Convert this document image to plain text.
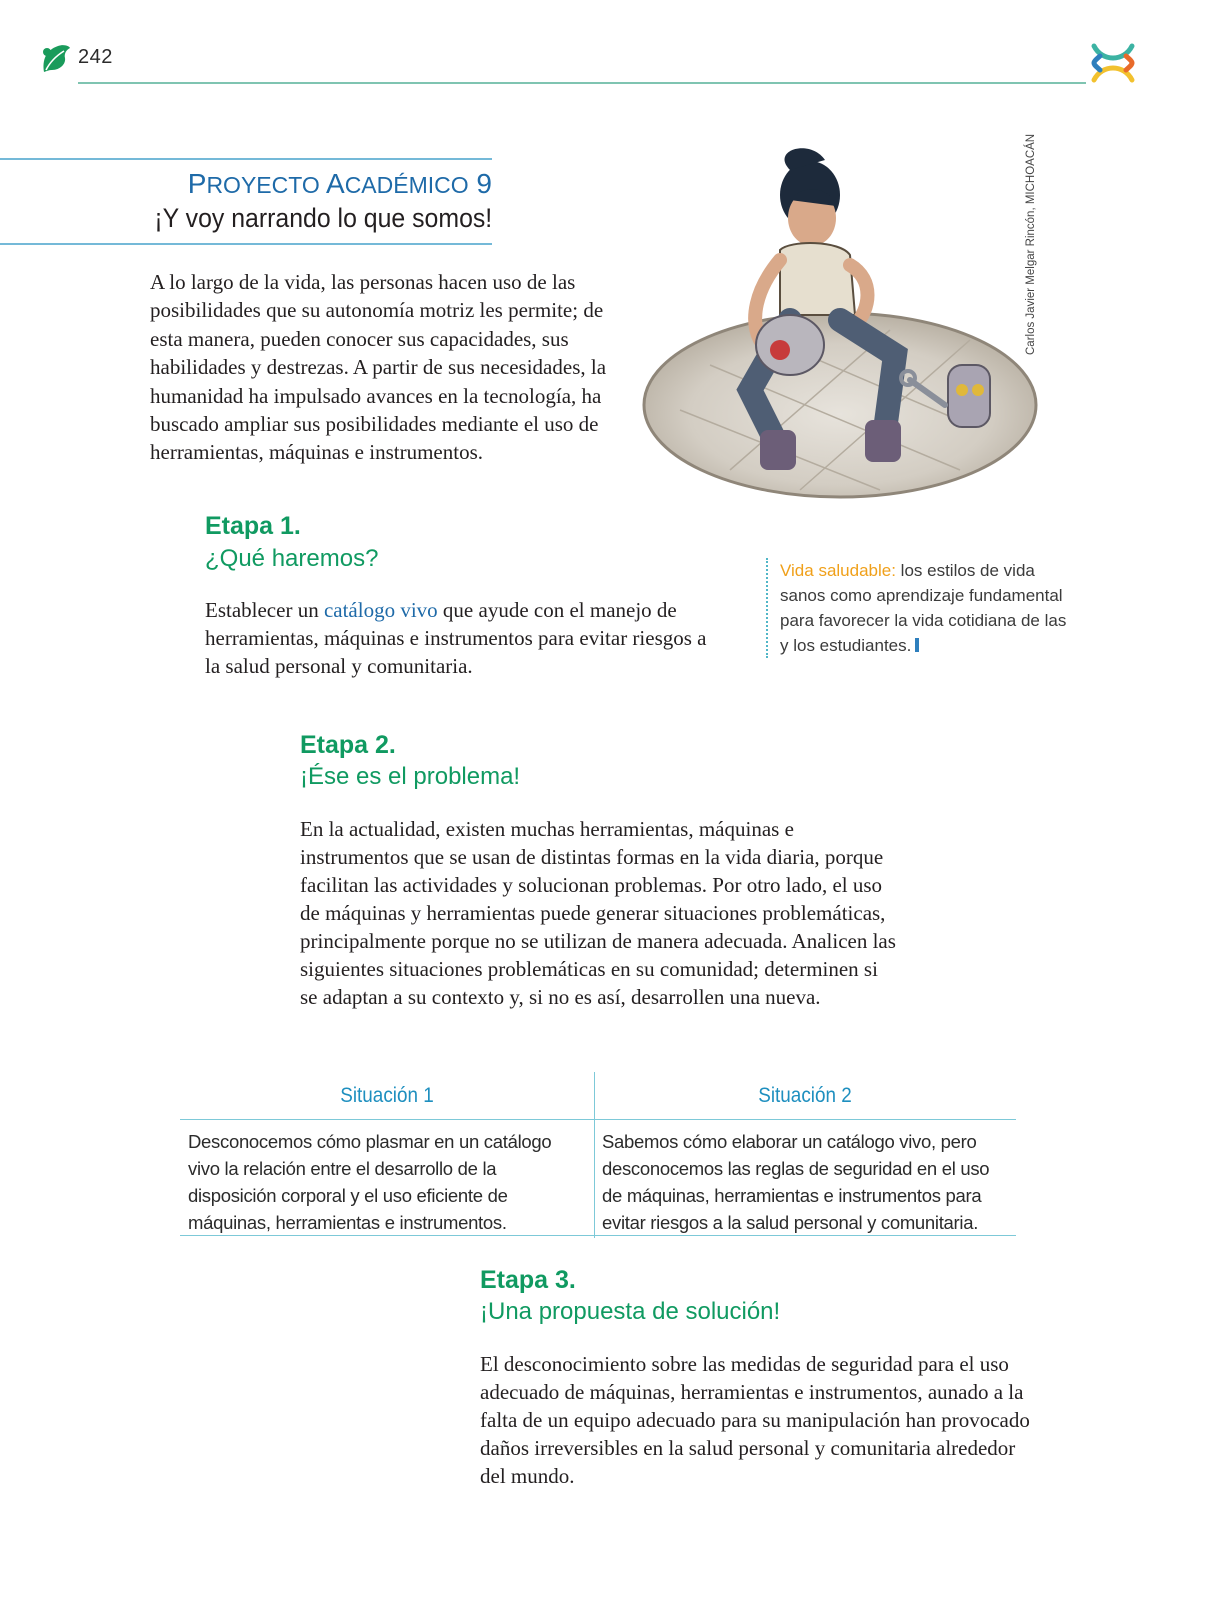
242
PROYECTO ACADÉMICO 9
¡Y voy narrando lo que somos!
A lo largo de la vida, las personas hacen uso de las posibilidades que su autonomía motriz les permite; de esta manera, pueden conocer sus capacidades, sus habilidades y destrezas. A partir de sus necesidades, la humanidad ha impulsado avances en la tecnología, ha buscado ampliar sus posibilidades mediante el uso de herramientas, máquinas e instrumentos.
Carlos Javier Melgar Rincón, MICHOACÁN
Etapa 1.
¿Qué haremos?
Establecer un catálogo vivo que ayude con el manejo de herramientas, máquinas e instrumentos para evitar riesgos a la salud personal y comunitaria.
Vida saludable: los estilos de vida sanos como aprendizaje fundamental para favorecer la vida cotidiana de las y los estudiantes.
Etapa 2.
¡Ése es el problema!
En la actualidad, existen muchas herramientas, máquinas e instrumentos que se usan de distintas formas en la vida diaria, porque facilitan las actividades y solucionan problemas. Por otro lado, el uso de máquinas y herramientas puede generar situaciones problemáticas, principalmente porque no se utilizan de manera adecuada. Analicen las siguientes situaciones problemáticas en su comunidad; determinen si se adaptan a su contexto y, si no es así, desarrollen una nueva.
Situación 1	Situación 2
Desconocemos cómo plasmar en un catálogo vivo la relación entre el desarrollo de la disposición corporal y el uso eficiente de máquinas, herramientas e instrumentos.
Sabemos cómo elaborar un catálogo vivo, pero desconocemos las reglas de seguridad en el uso de máquinas, herramientas e instrumentos para evitar riesgos a la salud personal y comunitaria.
Etapa 3.
¡Una propuesta de solución!
El desconocimiento sobre las medidas de seguridad para el uso adecuado de máquinas, herramientas e instrumentos, aunado a la falta de un equipo adecuado para su manipulación han provocado daños irreversibles en la salud personal y comunitaria alrededor del mundo.
